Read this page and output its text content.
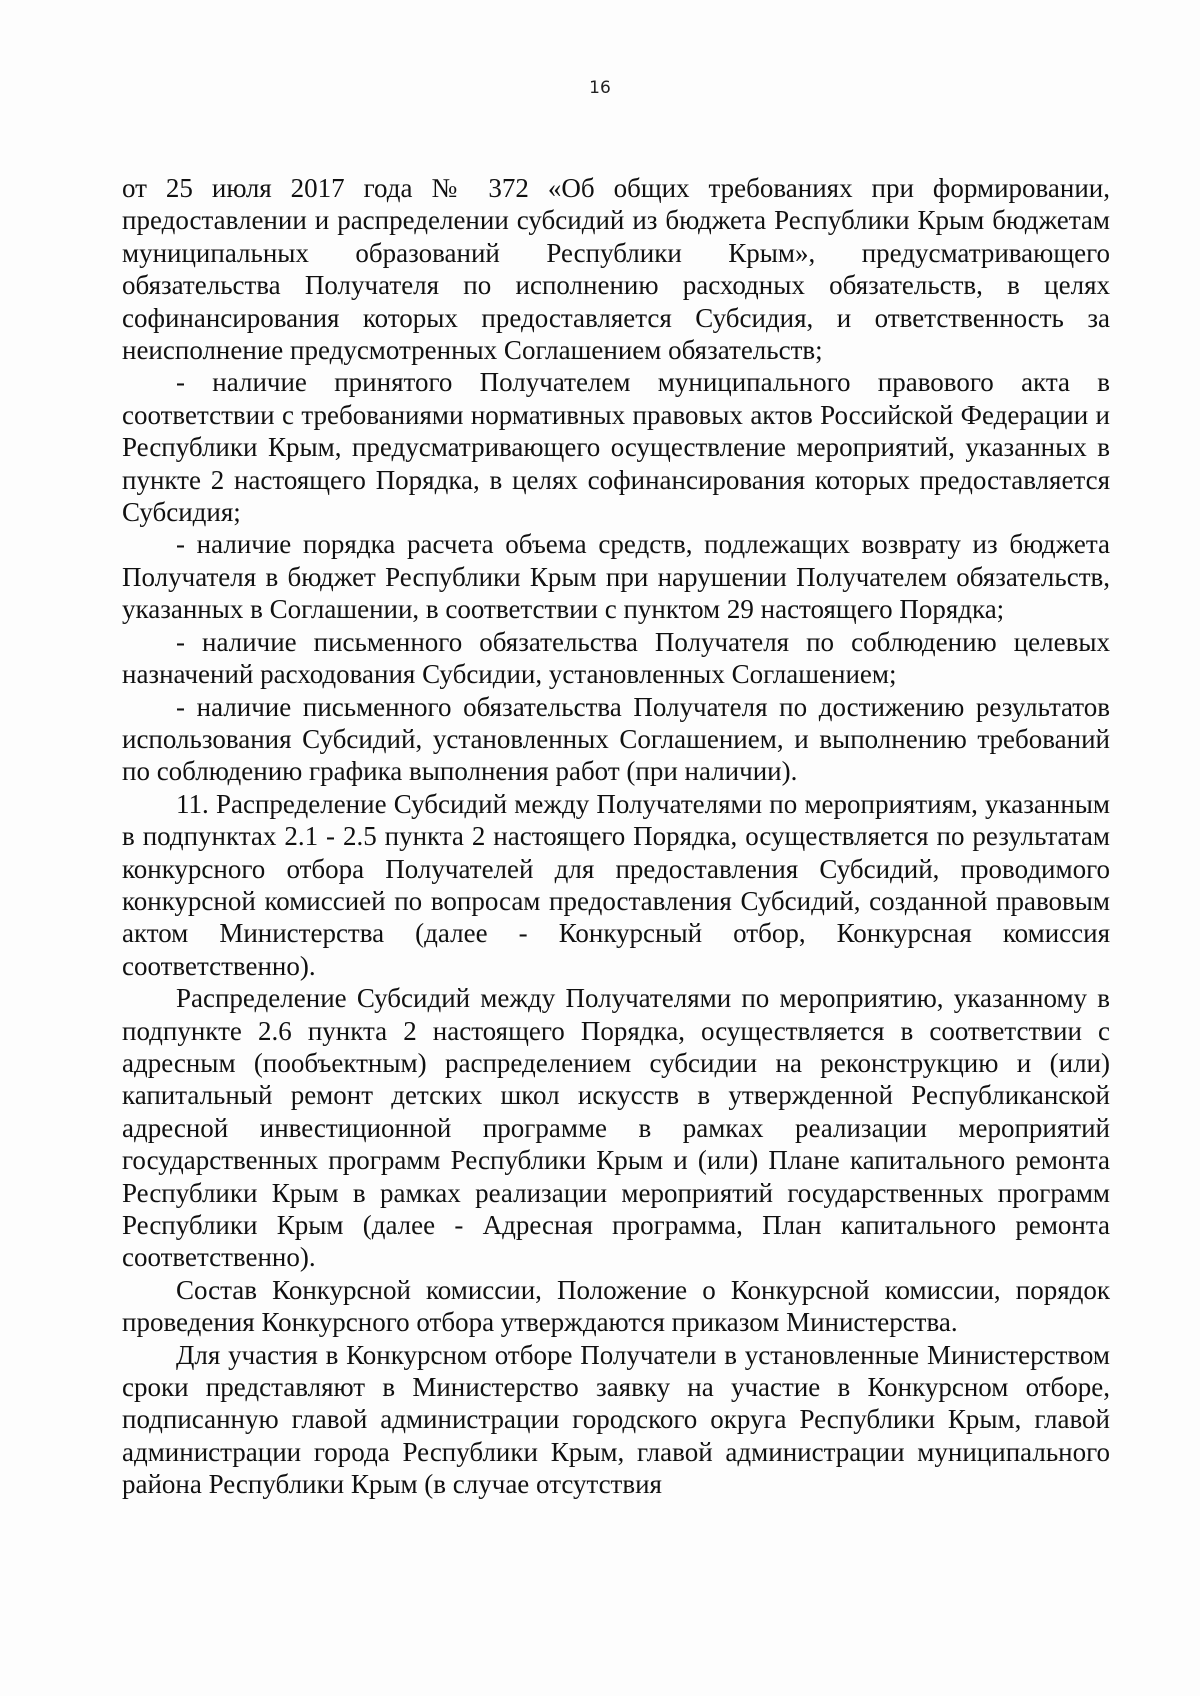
16

от 25 июля 2017 года № 372 «Об общих требованиях при формировании, предоставлении и распределении субсидий из бюджета Республики Крым бюджетам муниципальных образований Республики Крым», предусматривающего обязательства Получателя по исполнению расходных обязательств, в целях софинансирования которых предоставляется Субсидия, и ответственность за неисполнение предусмотренных Соглашением обязательств;

- наличие принятого Получателем муниципального правового акта в соответствии с требованиями нормативных правовых актов Российской Федерации и Республики Крым, предусматривающего осуществление мероприятий, указанных в пункте 2 настоящего Порядка, в целях софинансирования которых предоставляется Субсидия;

- наличие порядка расчета объема средств, подлежащих возврату из бюджета Получателя в бюджет Республики Крым при нарушении Получателем обязательств, указанных в Соглашении, в соответствии с пунктом 29 настоящего Порядка;

- наличие письменного обязательства Получателя по соблюдению целевых назначений расходования Субсидии, установленных Соглашением;

- наличие письменного обязательства Получателя по достижению результатов использования Субсидий, установленных Соглашением, и выполнению требований по соблюдению графика выполнения работ (при наличии).

11. Распределение Субсидий между Получателями по мероприятиям, указанным в подпунктах 2.1 - 2.5 пункта 2 настоящего Порядка, осуществляется по результатам конкурсного отбора Получателей для предоставления Субсидий, проводимого конкурсной комиссией по вопросам предоставления Субсидий, созданной правовым актом Министерства (далее - Конкурсный отбор, Конкурсная комиссия соответственно).

Распределение Субсидий между Получателями по мероприятию, указанному в подпункте 2.6 пункта 2 настоящего Порядка, осуществляется в соответствии с адресным (пообъектным) распределением субсидии на реконструкцию и (или) капитальный ремонт детских школ искусств в утвержденной Республиканской адресной инвестиционной программе в рамках реализации мероприятий государственных программ Республики Крым и (или) Плане капитального ремонта Республики Крым в рамках реализации мероприятий государственных программ Республики Крым (далее - Адресная программа, План капитального ремонта соответственно).

Состав Конкурсной комиссии, Положение о Конкурсной комиссии, порядок проведения Конкурсного отбора утверждаются приказом Министерства.

Для участия в Конкурсном отборе Получатели в установленные Министерством сроки представляют в Министерство заявку на участие в Конкурсном отборе, подписанную главой администрации городского округа Республики Крым, главой администрации города Республики Крым, главой администрации муниципального района Республики Крым (в случае отсутствия
